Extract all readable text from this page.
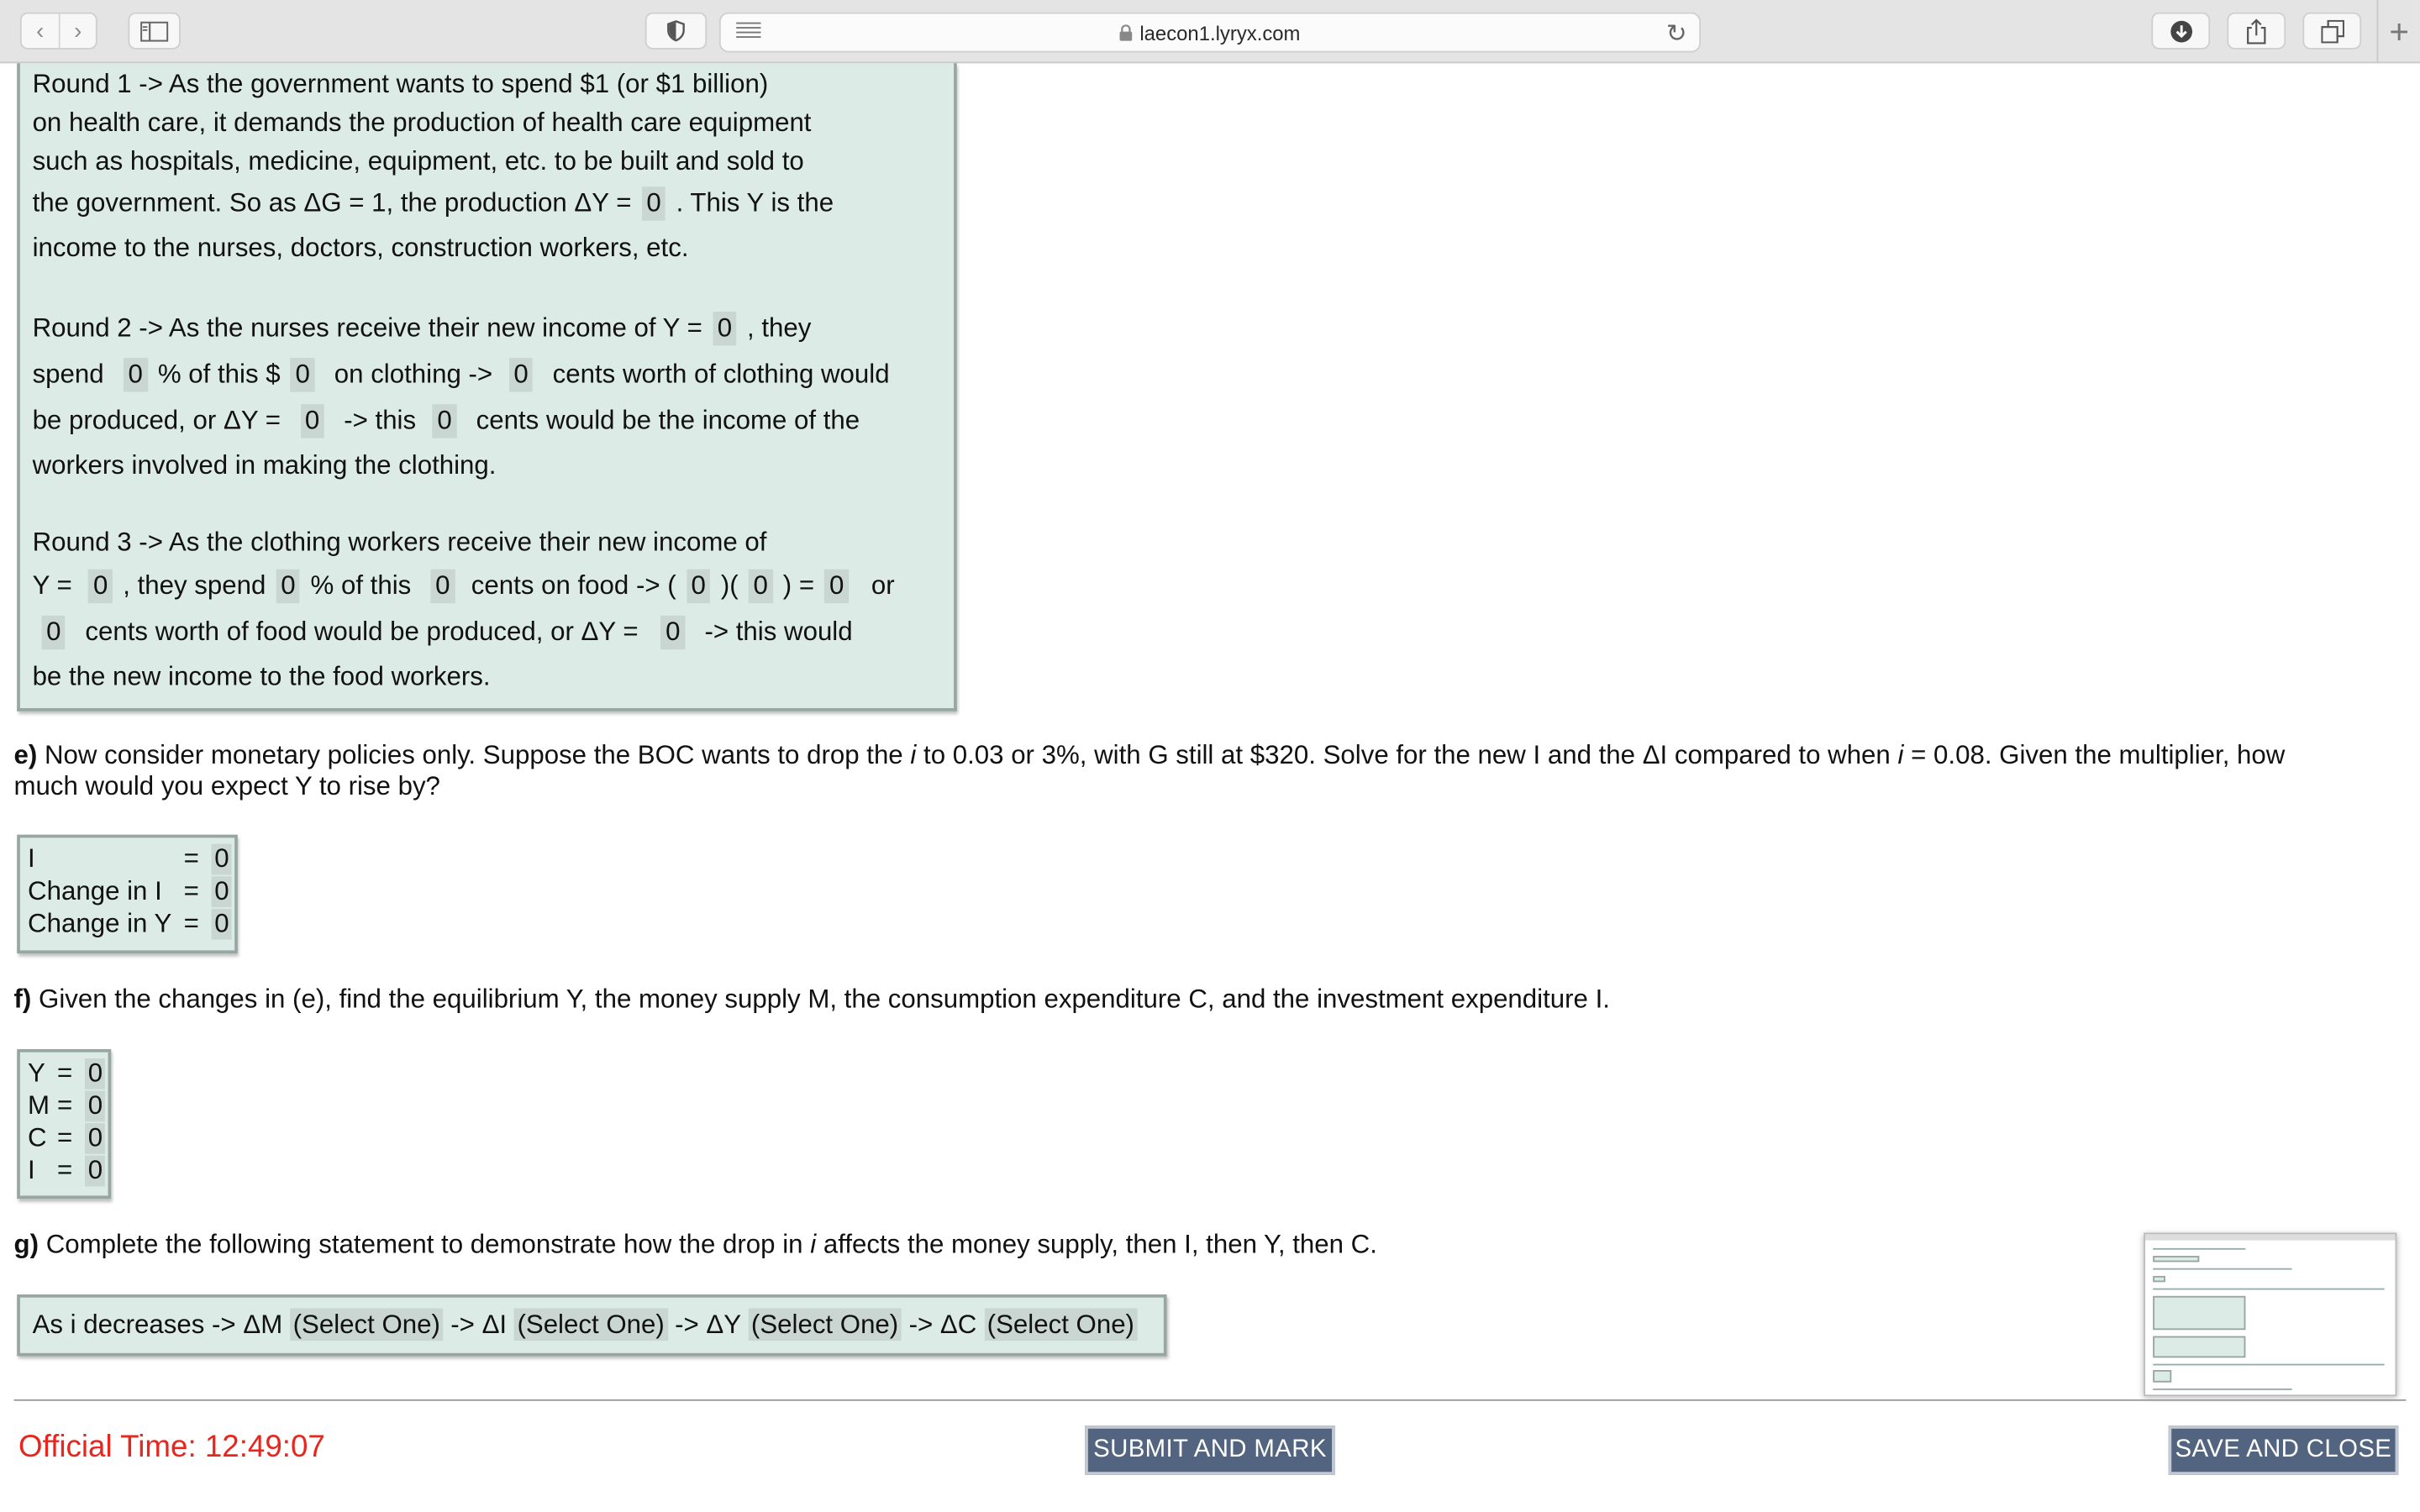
‹ ›	laecon1.lyryx.com	↻	+
Round 1 -> As the government wants to spend $1 (or $1 billion)
on health care, it demands the production of health care equipment
such as hospitals, medicine, equipment, etc. to be built and sold to
the government. So as ΔG = 1, the production ΔY = 0 . This Y is the
income to the nurses, doctors, construction workers, etc.
Round 2 -> As the nurses receive their new income of Y = 0 , they
spend 0 % of this $ 0 on clothing -> 0 cents worth of clothing would
be produced, or ΔY = 0 -> this 0 cents would be the income of the
workers involved in making the clothing.
Round 3 -> As the clothing workers receive their new income of
Y = 0 , they spend 0 % of this 0 cents on food -> ( 0 )( 0 ) = 0 or
0 cents worth of food would be produced, or ΔY = 0 -> this would
be the new income to the food workers.
e) Now consider monetary policies only. Suppose the BOC wants to drop the i to 0.03 or 3%, with G still at $320. Solve for the new I and the ΔI compared to when i = 0.08. Given the multiplier, how
much would you expect Y to rise by?
I	= 0
Change in I = 0
Change in Y = 0
f) Given the changes in (e), find the equilibrium Y, the money supply M, the consumption expenditure C, and the investment expenditure I.
Y = 0
M = 0
C = 0
I = 0
g) Complete the following statement to demonstrate how the drop in i affects the money supply, then I, then Y, then C.
As i decreases -> ΔM (Select One) -> ΔI (Select One) -> ΔY (Select One) -> ΔC (Select One)
Official Time: 12:49:07	SUBMIT AND MARK	SAVE AND CLOSE
